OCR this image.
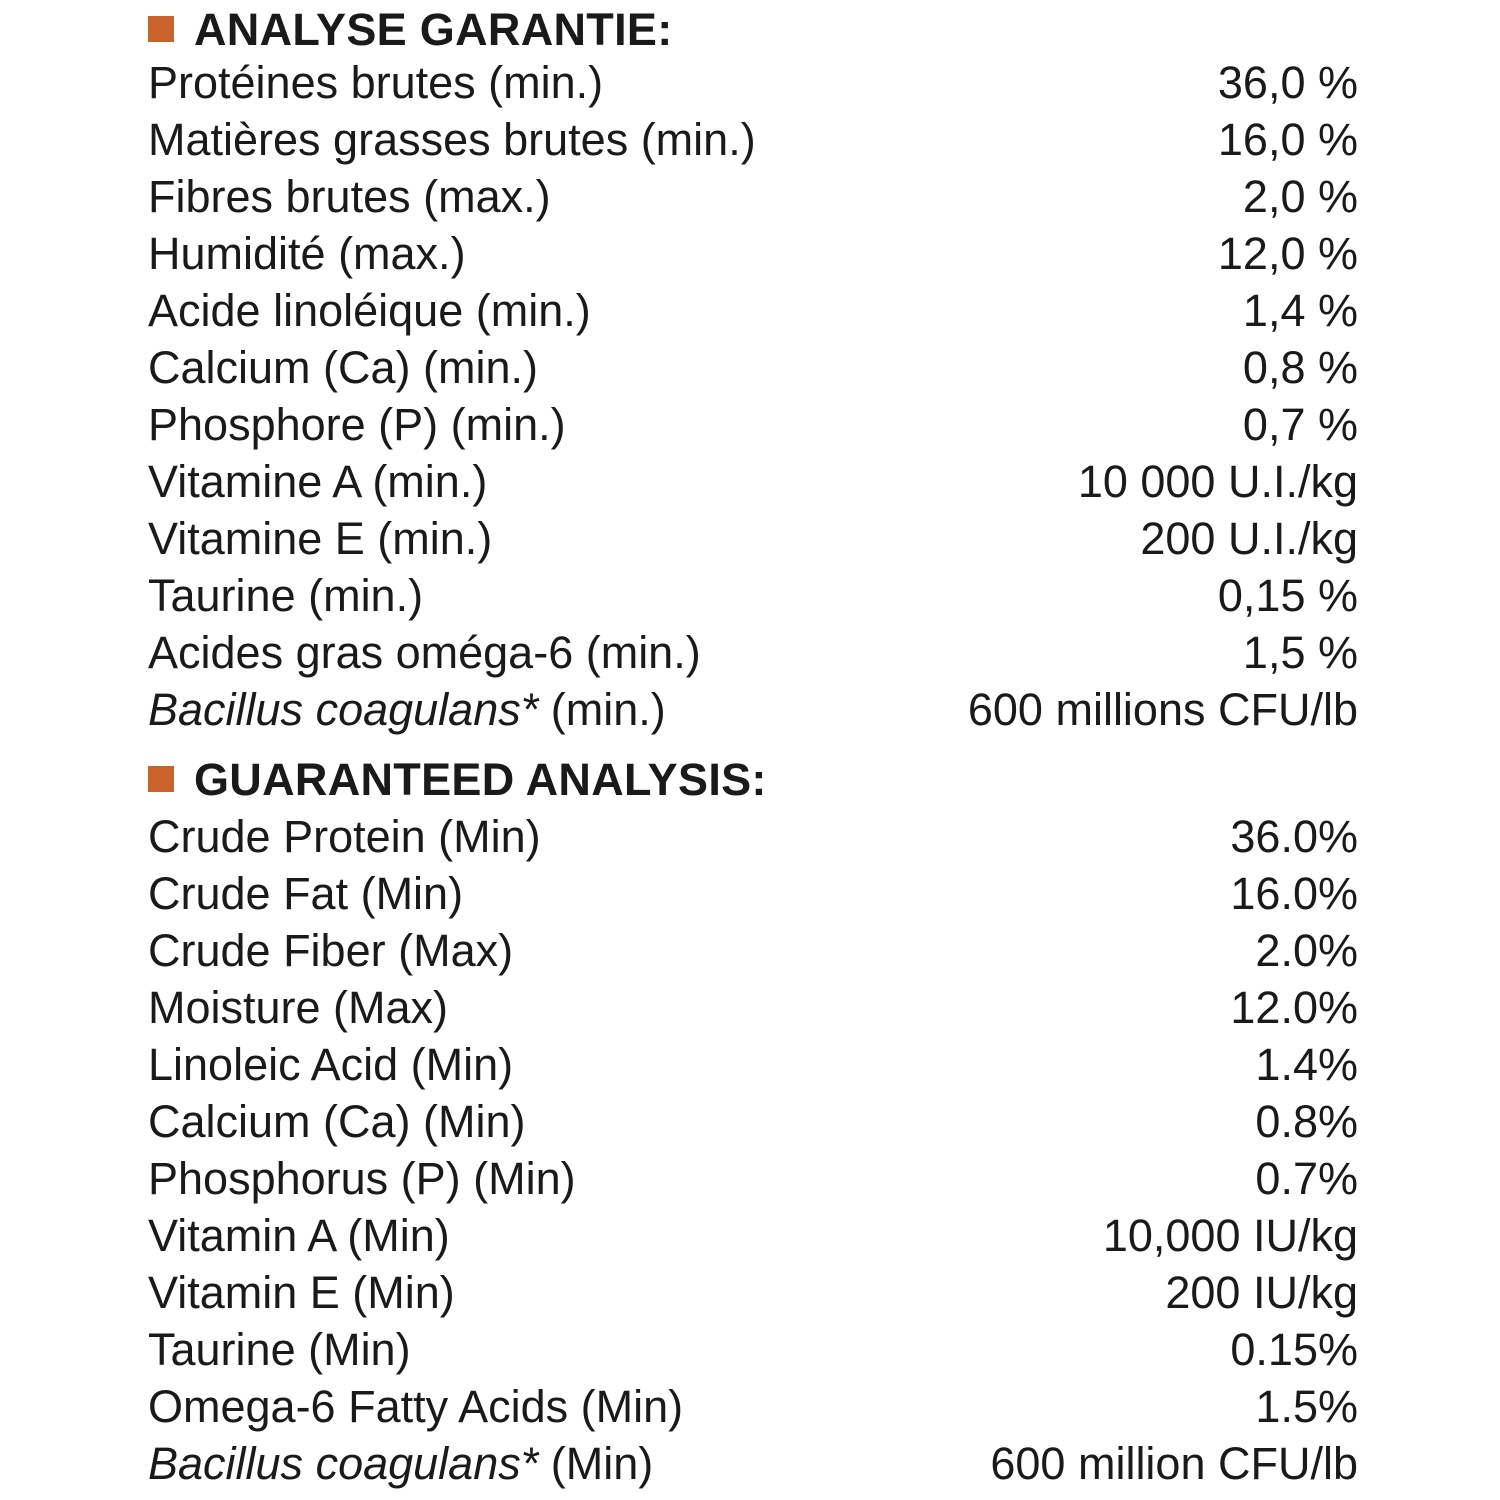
ANALYSE GARANTIE:
Protéines brutes (min.)	36,0 %
Matières grasses brutes (min.)	16,0 %
Fibres brutes (max.)	2,0 %
Humidité (max.)	12,0 %
Acide linoléique (min.)	1,4 %
Calcium (Ca) (min.)	0,8 %
Phosphore (P) (min.)	0,7 %
Vitamine A (min.)	10 000 U.I./kg
Vitamine E (min.)	200 U.I./kg
Taurine (min.)	0,15 %
Acides gras oméga-6 (min.)	1,5 %
Bacillus coagulans* (min.)	600 millions CFU/lb
GUARANTEED ANALYSIS:
Crude Protein (Min)	36.0%
Crude Fat (Min)	16.0%
Crude Fiber (Max)	2.0%
Moisture (Max)	12.0%
Linoleic Acid (Min)	1.4%
Calcium (Ca) (Min)	0.8%
Phosphorus (P) (Min)	0.7%
Vitamin A (Min)	10,000 IU/kg
Vitamin E (Min)	200 IU/kg
Taurine (Min)	0.15%
Omega-6 Fatty Acids (Min)	1.5%
Bacillus coagulans* (Min)	600 million CFU/lb
